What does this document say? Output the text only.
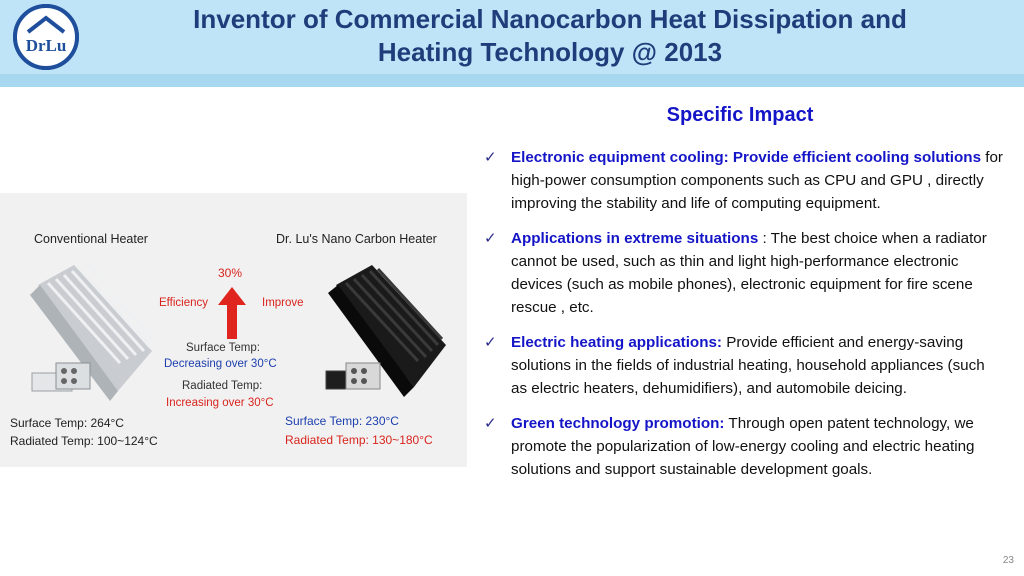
DrLu
Inventor of Commercial Nanocarbon Heat Dissipation and
Heating Technology @ 2013
Conventional Heater	Dr. Lu's Nano Carbon Heater
30%
Efficiency	Improve
Surface Temp:
Decreasing over 30°C
Radiated Temp:
Increasing over 30°C
Surface Temp: 264°C
Radiated Temp: 100~124°C
Surface Temp: 230°C
Radiated Temp: 130~180°C
Specific Impact
✓ Electronic equipment cooling: Provide efficient cooling solutions for high-power consumption components such as CPU and GPU , directly improving the stability and life of computing equipment.
✓ Applications in extreme situations : The best choice when a radiator cannot be used, such as thin and light high-performance electronic devices (such as mobile phones), electronic equipment for fire scene rescue , etc.
✓ Electric heating applications: Provide efficient and energy-saving solutions in the fields of industrial heating, household appliances (such as electric heaters, dehumidifiers), and automobile deicing.
✓ Green technology promotion: Through open patent technology, we promote the popularization of low-energy cooling and electric heating solutions and support sustainable development goals.
23
